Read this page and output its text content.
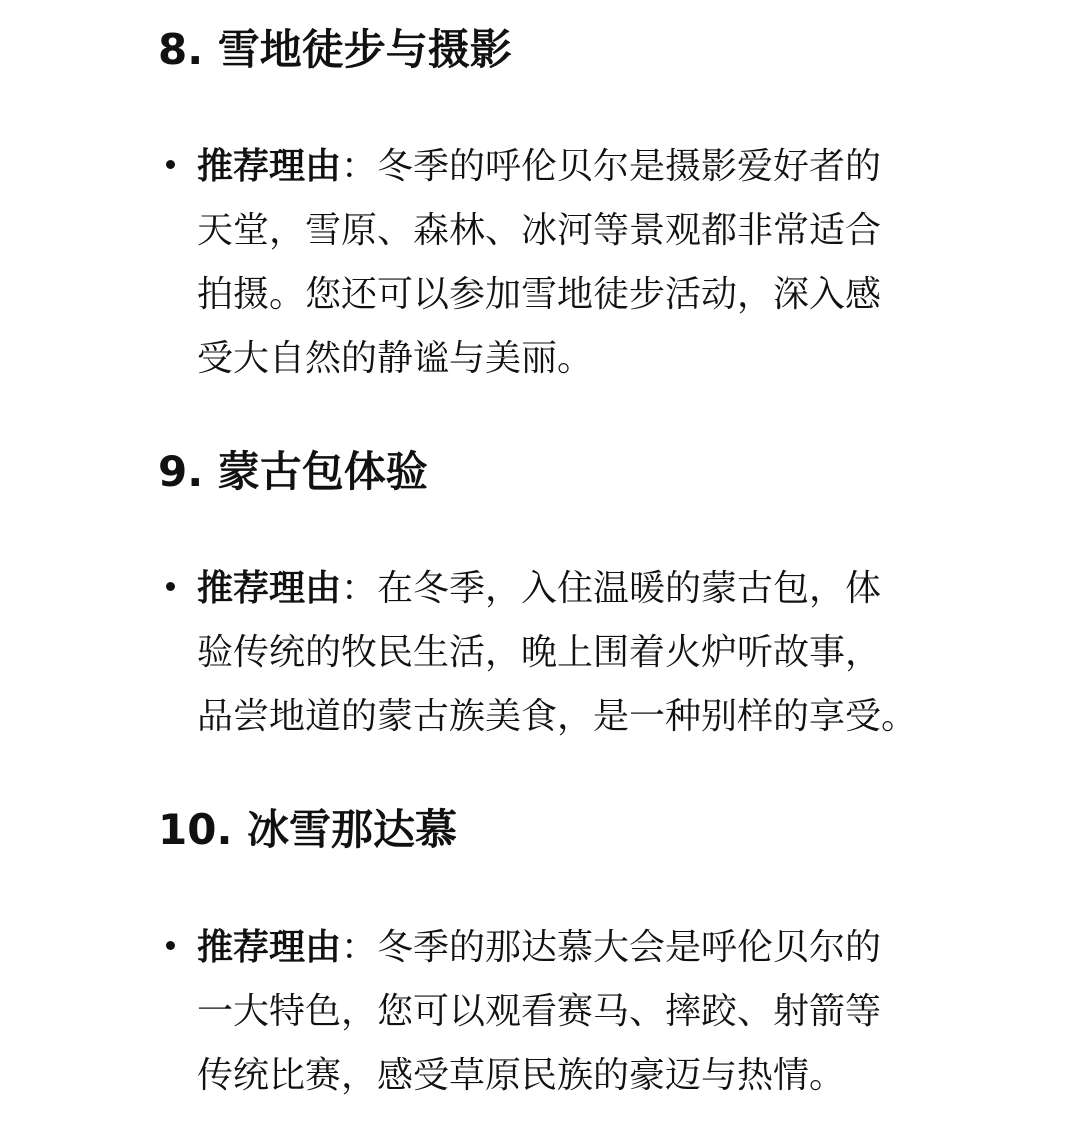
8. 雪地徒步与摄影
推荐理由：冬季的呼伦贝尔是摄影爱好者的
天堂，雪原、森林、冰河等景观都非常适合
拍摄。您还可以参加雪地徒步活动，深入感
受大自然的静谧与美丽。
9. 蒙古包体验
推荐理由：在冬季，入住温暖的蒙古包，体
验传统的牧民生活，晚上围着火炉听故事，
品尝地道的蒙古族美食，是一种别样的享受。
10. 冰雪那达慕
推荐理由：冬季的那达慕大会是呼伦贝尔的
一大特色，您可以观看赛马、摔跤、射箭等
传统比赛，感受草原民族的豪迈与热情。
